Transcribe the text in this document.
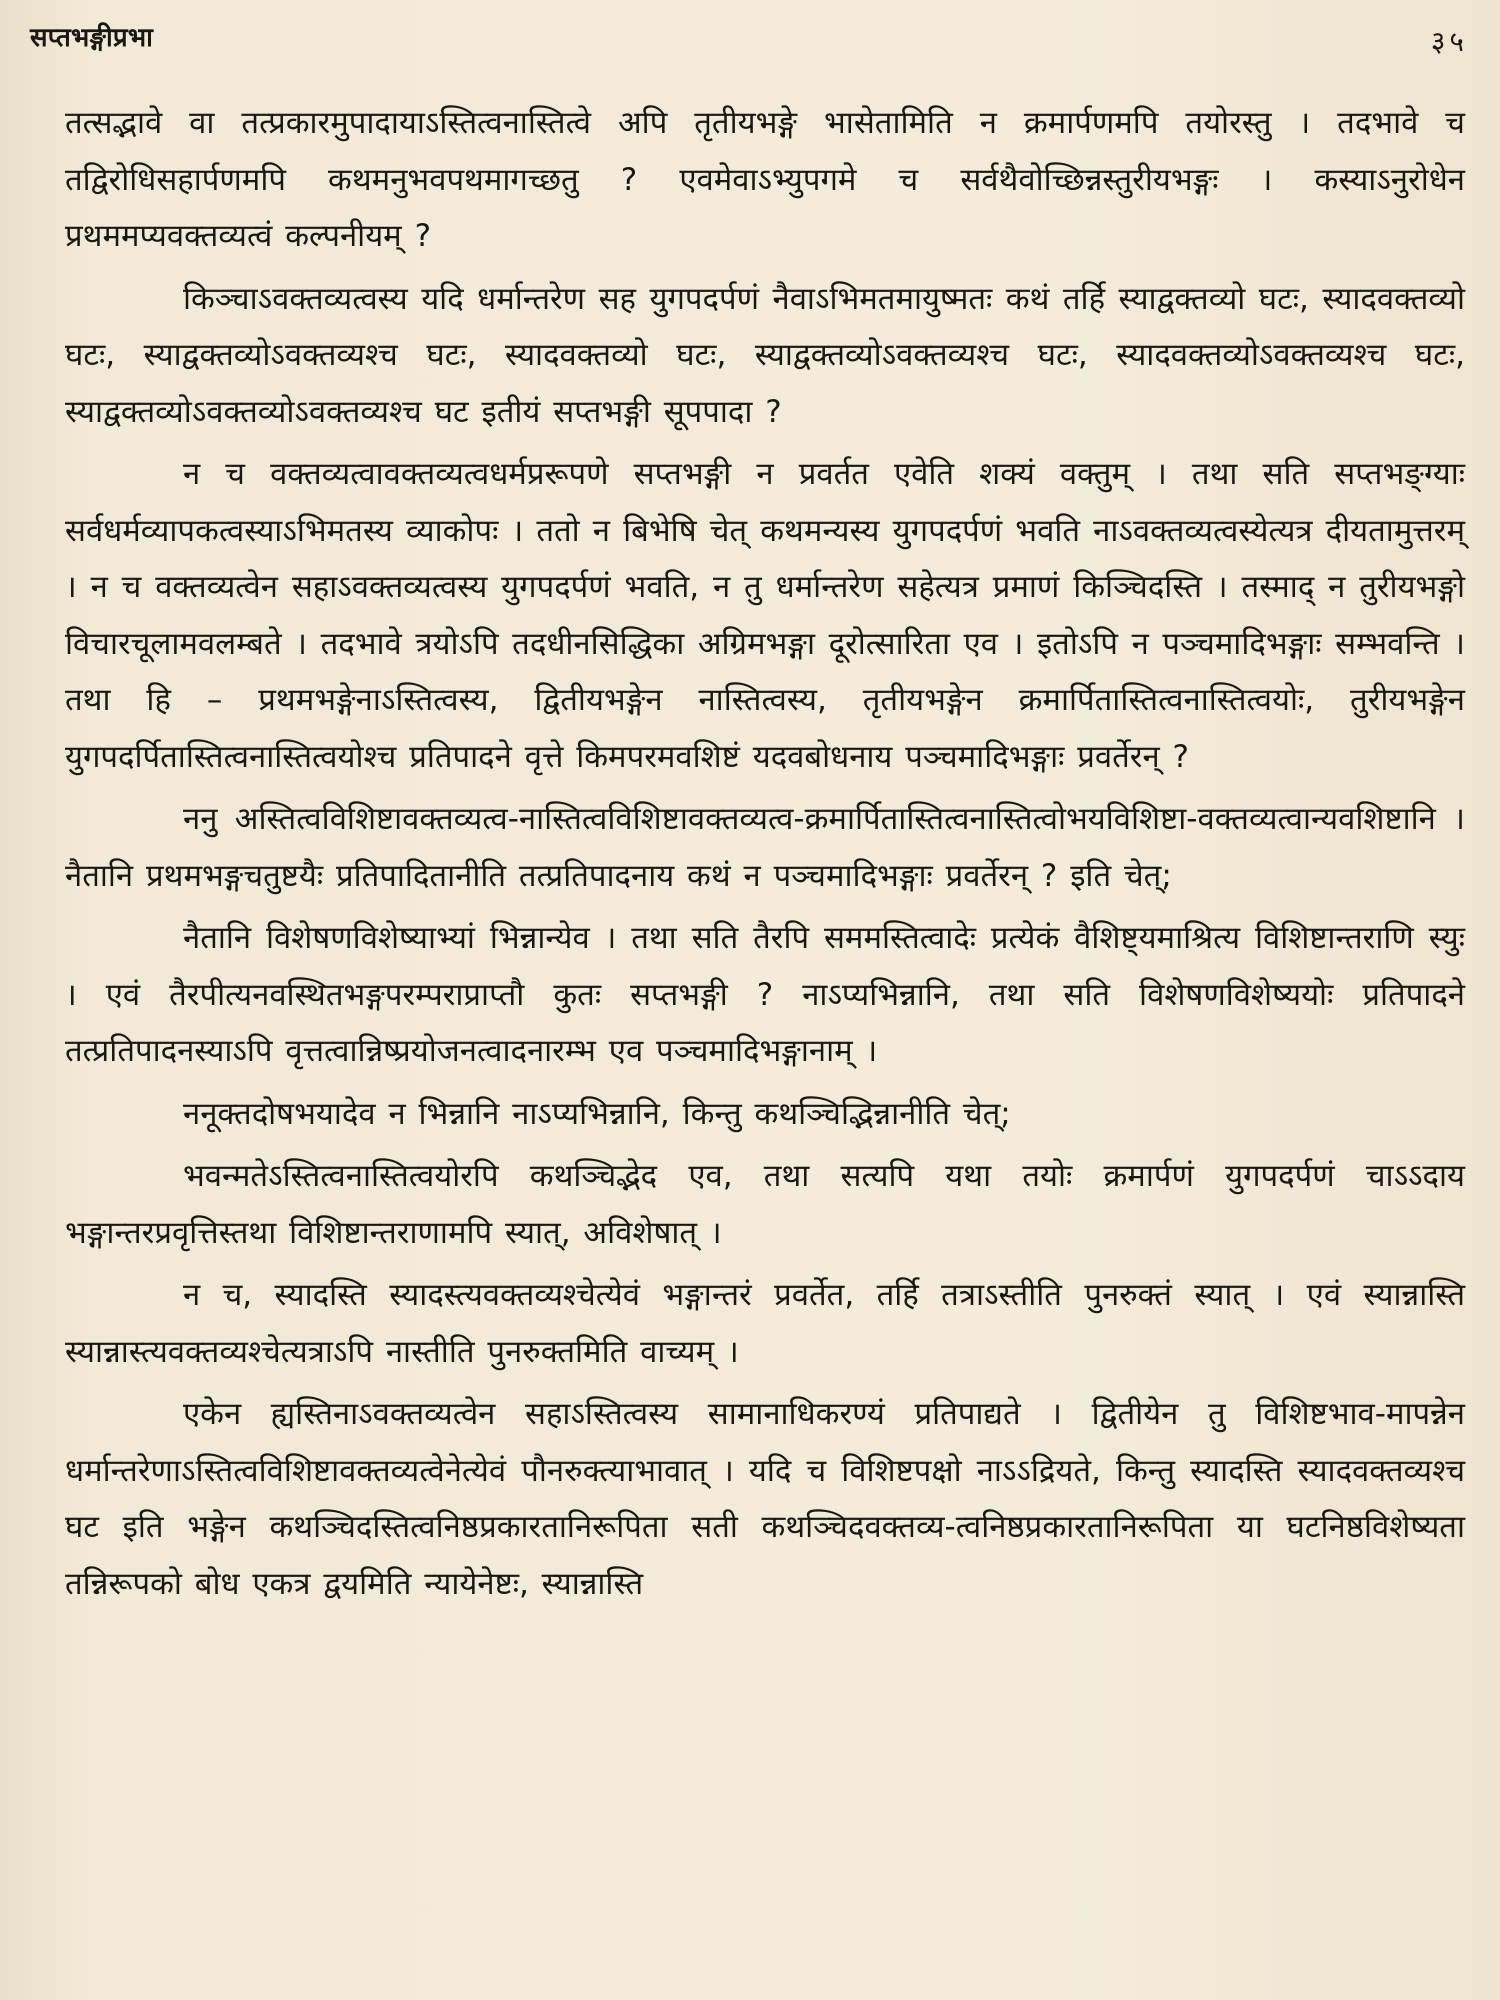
सप्तभङ्गीप्रभा	३५

तत्सद्भावे वा तत्प्रकारमुपादायाऽस्तित्वनास्तित्वे अपि तृतीयभङ्गे भासेतामिति न क्रमार्पणमपि तयोरस्तु । तदभावे च तद्विरोधिसहार्पणमपि कथमनुभवपथमागच्छतु ? एवमेवाऽभ्युपगमे च सर्वथैवोच्छिन्नस्तुरीयभङ्गः । कस्याऽनुरोधेन प्रथममप्यवक्तव्यत्वं कल्पनीयम् ?

किञ्चाऽवक्तव्यत्वस्य यदि धर्मान्तरेण सह युगपदर्पणं नैवाऽभिमतमायुष्मतः कथं तर्हि स्याद्वक्तव्यो घटः, स्यादवक्तव्यो घटः, स्याद्वक्तव्योऽवक्तव्यश्च घटः, स्यादवक्तव्यो घटः, स्याद्वक्तव्योऽवक्तव्यश्च घटः, स्यादवक्तव्योऽवक्तव्यश्च घटः, स्याद्वक्तव्योऽवक्तव्योऽवक्तव्यश्च घट इतीयं सप्तभङ्गी सूपपादा ?

न च वक्तव्यत्वावक्तव्यत्वधर्मप्ररूपणे सप्तभङ्गी न प्रवर्तत एवेति शक्यं वक्तुम् । तथा सति सप्तभङ्ग्याः सर्वधर्मव्यापकत्वस्याऽभिमतस्य व्याकोपः । ततो न बिभेषि चेत् कथमन्यस्य युगपदर्पणं भवति नाऽवक्तव्यत्वस्येत्यत्र दीयतामुत्तरम् । न च वक्तव्यत्वेन सहाऽवक्तव्यत्वस्य युगपदर्पणं भवति, न तु धर्मान्तरेण सहेत्यत्र प्रमाणं किञ्चिदस्ति । तस्माद् न तुरीयभङ्गो विचारचूलामवलम्बते । तदभावे त्रयोऽपि तदधीनसिद्धिका अग्रिमभङ्गा दूरोत्सारिता एव । इतोऽपि न पञ्चमादिभङ्गाः सम्भवन्ति । तथा हि – प्रथमभङ्गेनाऽस्तित्वस्य, द्वितीयभङ्गेन नास्तित्वस्य, तृतीयभङ्गेन क्रमार्पितास्तित्वनास्तित्वयोः, तुरीयभङ्गेन युगपदर्पितास्तित्वनास्तित्वयोश्च प्रतिपादने वृत्ते किमपरमवशिष्टं यदवबोधनाय पञ्चमादिभङ्गाः प्रवर्तेरन् ?

ननु अस्तित्वविशिष्टावक्तव्यत्व-नास्तित्वविशिष्टावक्तव्यत्व-क्रमार्पितास्तित्वनास्तित्वोभयविशिष्टा-वक्तव्यत्वान्यवशिष्टानि । नैतानि प्रथमभङ्गचतुष्टयैः प्रतिपादितानीति तत्प्रतिपादनाय कथं न पञ्चमादिभङ्गाः प्रवर्तेरन् ? इति चेत्;

नैतानि विशेषणविशेष्याभ्यां भिन्नान्येव । तथा सति तैरपि सममस्तित्वादेः प्रत्येकं वैशिष्ट्यमाश्रित्य विशिष्टान्तराणि स्युः । एवं तैरपीत्यनवस्थितभङ्गपरम्पराप्राप्तौ कुतः सप्तभङ्गी ? नाऽप्यभिन्नानि, तथा सति विशेषणविशेष्ययोः प्रतिपादने तत्प्रतिपादनस्याऽपि वृत्तत्वान्निष्प्रयोजनत्वादनारम्भ एव पञ्चमादिभङ्गानाम् ।

ननूक्तदोषभयादेव न भिन्नानि नाऽप्यभिन्नानि, किन्तु कथञ्चिद्भिन्नानीति चेत्;

भवन्मतेऽस्तित्वनास्तित्वयोरपि कथञ्चिद्भेद एव, तथा सत्यपि यथा तयोः क्रमार्पणं युगपदर्पणं चाऽऽदाय भङ्गान्तरप्रवृत्तिस्तथा विशिष्टान्तराणामपि स्यात्, अविशेषात् ।

न च, स्यादस्ति स्यादस्त्यवक्तव्यश्चेत्येवं भङ्गान्तरं प्रवर्तेत, तर्हि तत्राऽस्तीति पुनरुक्तं स्यात् । एवं स्यान्नास्ति स्यान्नास्त्यवक्तव्यश्चेत्यत्राऽपि नास्तीति पुनरुक्तमिति वाच्यम् ।

एकेन ह्यस्तिनाऽवक्तव्यत्वेन सहाऽस्तित्वस्य सामानाधिकरण्यं प्रतिपाद्यते । द्वितीयेन तु विशिष्टभाव-मापन्नेन धर्मान्तरेणाऽस्तित्वविशिष्टावक्तव्यत्वेनेत्येवं पौनरुक्त्याभावात् । यदि च विशिष्टपक्षो नाऽऽद्रियते, किन्तु स्यादस्ति स्यादवक्तव्यश्च घट इति भङ्गेन कथञ्चिदस्तित्वनिष्ठप्रकारतानिरूपिता सती कथञ्चिदवक्तव्य-त्वनिष्ठप्रकारतानिरूपिता या घटनिष्ठविशेष्यता तन्निरूपको बोध एकत्र द्वयमिति न्यायेनेष्टः, स्यान्नास्ति
